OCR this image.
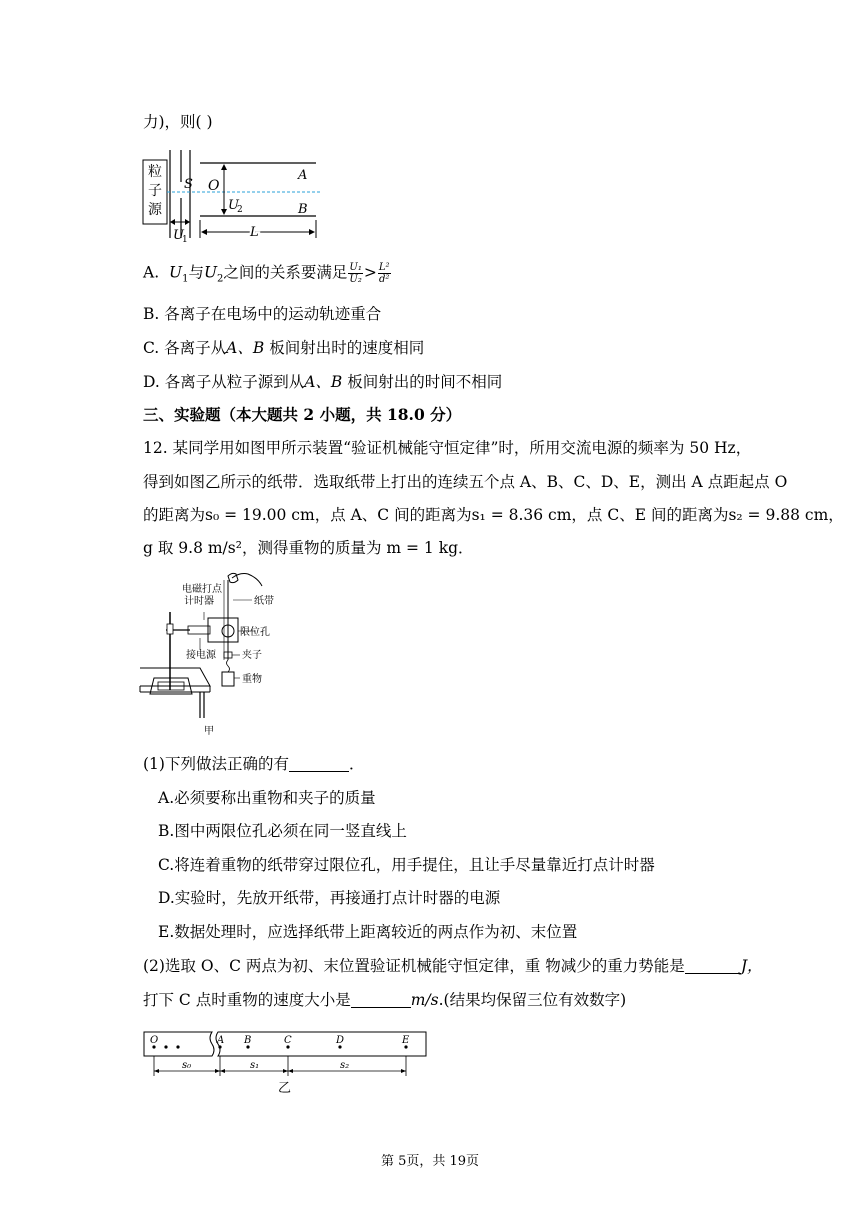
力)，则( )
粒
子
源
S O
A
B
U
2
U
1	L
A. $U_1$与$U_2$之间的关系要满足 $\frac{\text{U₁}}{\text{U₂}} > \frac{\text{L²}}{\text{d²}}$
B. 各离子在电场中的运动轨迹重合
C. 各离子从A、B 板间射出时的速度相同
D. 各离子从粒子源到从A、B 板间射出的时间不相同
三、实验题（本大题共 2 小题，共 18.0 分）
12. 某同学用如图甲所示装置“验证机械能守恒定律”时，所用交流电源的频率为 50 Hz，
得到如图乙所示的纸带．选取纸带上打出的连续五个点 A、B、C、D、E，测出 A 点距起点 O
的距离为s₀ = 19.00 cm，点 A、C 间的距离为s₁ = 8.36 cm，点 C、E 间的距离为s₂ = 9.88 cm，
g 取 9.8 m/s²，测得重物的质量为 m = 1 kg．
电磁打点
计时器	纸带
限位孔
接电源	夹子
重物
甲
(1)下列做法正确的有	．
A.必须要称出重物和夹子的质量
B.图中两限位孔必须在同一竖直线上
C.将连着重物的纸带穿过限位孔，用手提住，且让手尽量靠近打点计时器
D.实验时，先放开纸带，再接通打点计时器的电源
E.数据处理时，应选择纸带上距离较近的两点作为初、末位置
(2)选取 O、C 两点为初、末位置验证机械能守恒定律，重 物减少的重力势能是	J，
打下 C 点时重物的速度大小是	m/s.(结果均保留三位有效数字)
O	A B	C	D	E
s₀	s₁	s₂
乙
第 5页，共 19页
